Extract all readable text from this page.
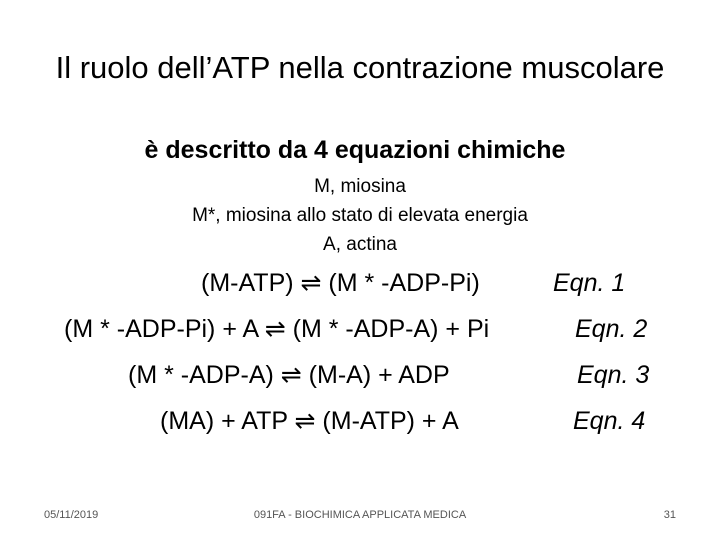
Il ruolo dell’ATP nella contrazione muscolare
è descritto da 4 equazioni chimiche
M, miosina
M*, miosina allo stato di elevata energia
A, actina
(M-ATP) ⇌ (M * -ADP-Pi)	Eqn. 1
(M * -ADP-Pi) + A ⇌ (M * -ADP-A) + Pi	Eqn. 2
(M * -ADP-A) ⇌ (M-A) + ADP	Eqn. 3
(MA) + ATP ⇌ (M-ATP) + A	Eqn. 4
05/11/2019	091FA - BIOCHIMICA APPLICATA MEDICA	31
